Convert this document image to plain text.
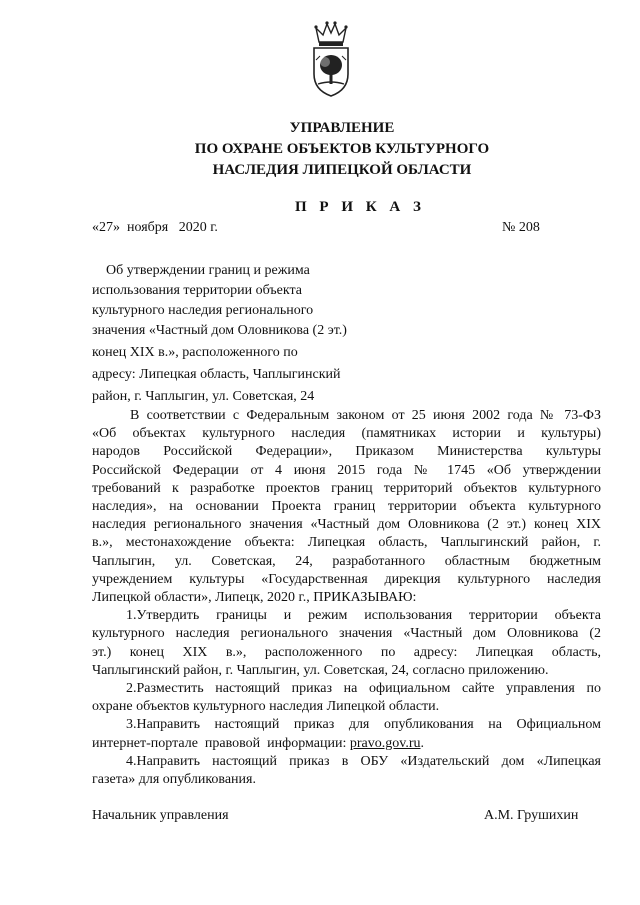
УПРАВЛЕНИЕ
ПО ОХРАНЕ ОБЪЕКТОВ КУЛЬТУРНОГО
НАСЛЕДИЯ ЛИПЕЦКОЙ ОБЛАСТИ
П Р И К А З
«27»  ноября   2020 г.	№ 208
Об утверждении границ и режима
использования территории объекта
культурного наследия регионального
значения «Частный дом Оловникова (2 эт.)
конец XIX в.», расположенного по
адресу: Липецкая область, Чаплыгинский
район, г. Чаплыгин, ул. Советская, 24
В соответствии с Федеральным законом от 25 июня 2002 года № 73-ФЗ
«Об объектах культурного наследия (памятниках истории и культуры)
народов Российской Федерации», Приказом Министерства культуры
Российской Федерации от 4 июня 2015 года № 1745 «Об утверждении
требований к разработке проектов границ территорий объектов культурного
наследия», на основании Проекта границ территории объекта культурного
наследия регионального значения «Частный дом Оловникова (2 эт.) конец XIX
в.», местонахождение объекта: Липецкая область, Чаплыгинский район, г.
Чаплыгин, ул. Советская, 24, разработанного областным бюджетным
учреждением культуры «Государственная дирекция культурного наследия
Липецкой области», Липецк, 2020 г., ПРИКАЗЫВАЮ:
1.Утвердить границы и режим использования территории объекта
культурного наследия регионального значения «Частный дом Оловникова (2
эт.) конец XIX в.», расположенного по адресу: Липецкая область,
Чаплыгинский район, г. Чаплыгин, ул. Советская, 24, согласно приложению.
2.Разместить настоящий приказ на официальном сайте управления по
охране объектов культурного наследия Липецкой области.
3.Направить настоящий приказ для опубликования на Официальном
интернет-портале  правовой  информации: pravo.gov.ru.
4.Направить настоящий приказ в ОБУ «Издательский дом «Липецкая
газета» для опубликования.
Начальник управления	А.М. Грушихин
